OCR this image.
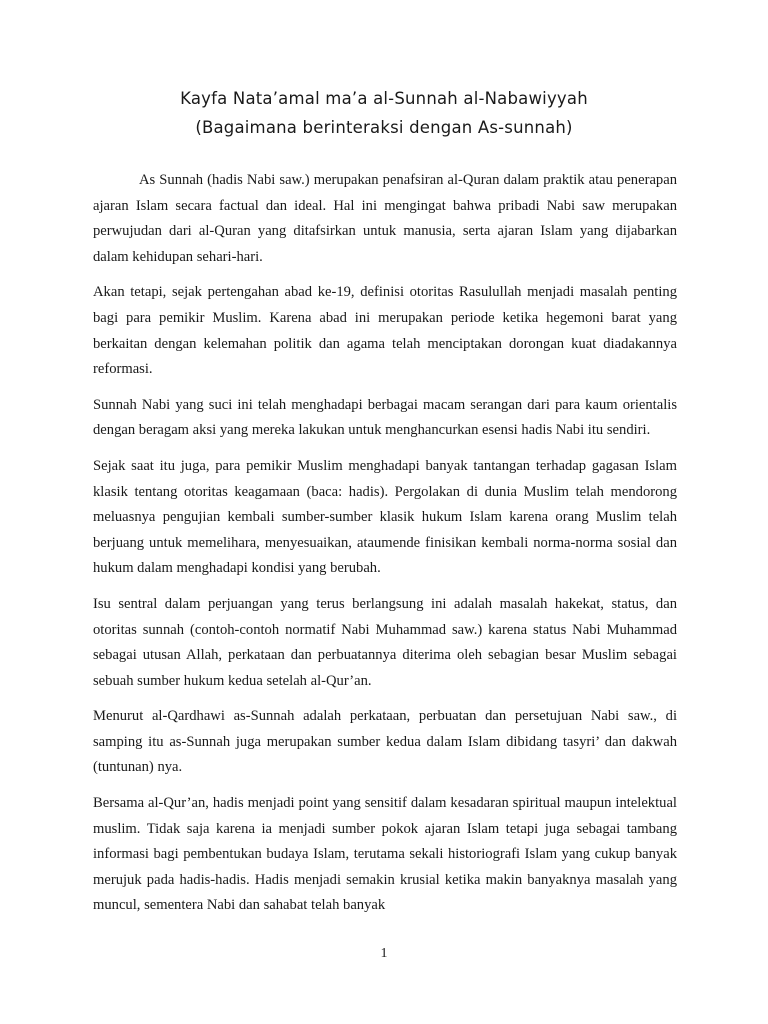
Kayfa Nata’amal ma’a al-Sunnah al-Nabawiyyah
(Bagaimana berinteraksi dengan As-sunnah)

As Sunnah (hadis Nabi saw.) merupakan penafsiran al-Quran dalam praktik atau penerapan ajaran Islam secara factual dan ideal. Hal ini mengingat bahwa pribadi Nabi saw merupakan perwujudan dari al-Quran yang ditafsirkan untuk manusia, serta ajaran Islam yang dijabarkan dalam kehidupan sehari-hari.

Akan tetapi, sejak pertengahan abad ke-19, definisi otoritas Rasulullah menjadi masalah penting bagi para pemikir Muslim. Karena abad ini merupakan periode ketika hegemoni barat yang berkaitan dengan kelemahan politik dan agama telah menciptakan dorongan kuat diadakannya reformasi.

Sunnah Nabi yang suci ini telah menghadapi berbagai macam serangan dari para kaum orientalis dengan beragam aksi yang mereka lakukan untuk menghancurkan esensi hadis Nabi itu sendiri.

Sejak saat itu juga, para pemikir Muslim menghadapi banyak tantangan terhadap gagasan Islam klasik tentang otoritas keagamaan (baca: hadis). Pergolakan di dunia Muslim telah mendorong meluasnya pengujian kembali sumber-sumber klasik hukum Islam karena orang Muslim telah berjuang untuk memelihara, menyesuaikan, ataumende finisikan kembali norma-norma sosial dan hukum dalam menghadapi kondisi yang berubah.

Isu sentral dalam perjuangan yang terus berlangsung ini adalah masalah hakekat, status, dan otoritas sunnah (contoh-contoh normatif Nabi Muhammad saw.) karena status Nabi Muhammad sebagai utusan Allah, perkataan dan perbuatannya diterima oleh sebagian besar Muslim sebagai sebuah sumber hukum kedua setelah al-Qur’an.

Menurut al-Qardhawi as-Sunnah adalah perkataan, perbuatan dan persetujuan Nabi saw., di samping itu as-Sunnah juga merupakan sumber kedua dalam Islam dibidang tasyri’ dan dakwah (tuntunan) nya.

Bersama al-Qur’an, hadis menjadi point yang sensitif dalam kesadaran spiritual maupun intelektual muslim. Tidak saja karena ia menjadi sumber pokok ajaran Islam tetapi juga sebagai tambang informasi bagi pembentukan budaya Islam, terutama sekali historiografi Islam yang cukup banyak merujuk pada hadis-hadis. Hadis menjadi semakin krusial ketika makin banyaknya masalah yang muncul, sementera Nabi dan sahabat telah banyak

1
